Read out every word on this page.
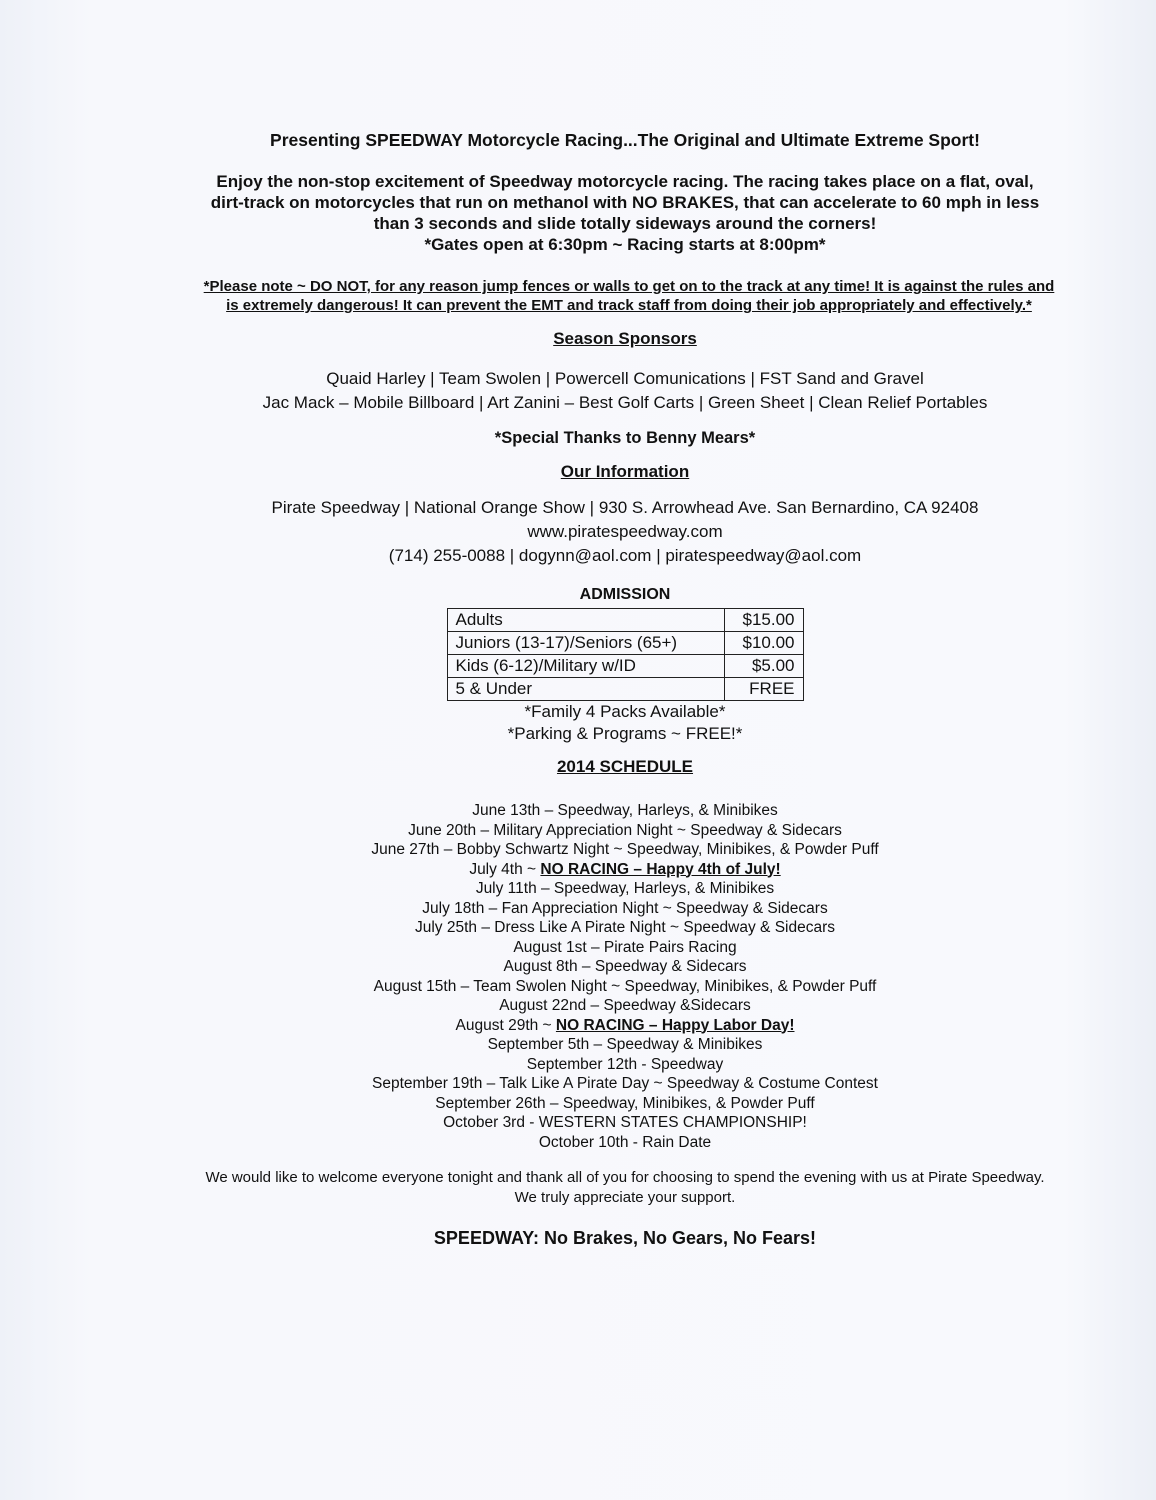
Presenting SPEEDWAY Motorcycle Racing...The Original and Ultimate Extreme Sport!

Enjoy the non-stop excitement of Speedway motorcycle racing. The racing takes place on a flat, oval,

dirt-track on motorcycles that run on methanol with NO BRAKES, that can accelerate to 60 mph in less

than 3 seconds and slide totally sideways around the corners!

*Gates open at 6:30pm ~ Racing starts at 8:00pm*

*Please note ~ DO NOT, for any reason jump fences or walls to get on to the track at any time! It is against the rules and
is extremely dangerous! It can prevent the EMT and track staff from doing their job appropriately and effectively.*
Season Sponsors

Quaid Harley | Team Swolen | Powercell Comunications | FST Sand and Gravel

Jac Mack – Mobile Billboard | Art Zanini – Best Golf Carts | Green Sheet | Clean Relief Portables

*Special Thanks to Benny Mears*

Our Information

Pirate Speedway | National Orange Show | 930 S. Arrowhead Ave. San Bernardino, CA 92408

www.piratespeedway.com

(714) 255-0088 | dogynn@aol.com | piratespeedway@aol.com

ADMISSION
Adults	$15.00
Juniors (13-17)/Seniors (65+)	$10.00
Kids (6-12)/Military w/ID	$5.00
5 & Under	FREE

*Family 4 Packs Available*

*Parking & Programs ~ FREE!*

2014 SCHEDULE

June 13th – Speedway, Harleys, & Minibikes

June 20th – Military Appreciation Night ~ Speedway & Sidecars

June 27th – Bobby Schwartz Night ~ Speedway, Minibikes, & Powder Puff

July 4th ~ NO RACING – Happy 4th of July!

July 11th – Speedway, Harleys, & Minibikes

July 18th – Fan Appreciation Night ~ Speedway & Sidecars

July 25th – Dress Like A Pirate Night ~ Speedway & Sidecars

August 1st – Pirate Pairs Racing

August 8th – Speedway & Sidecars

August 15th – Team Swolen Night ~ Speedway, Minibikes, & Powder Puff

August 22nd – Speedway &Sidecars

August 29th ~ NO RACING – Happy Labor Day!

September 5th – Speedway & Minibikes

September 12th - Speedway

September 19th – Talk Like A Pirate Day ~ Speedway & Costume Contest

September 26th – Speedway, Minibikes, & Powder Puff

October 3rd - WESTERN STATES CHAMPIONSHIP!

October 10th - Rain Date

We would like to welcome everyone tonight and thank all of you for choosing to spend the evening with us at Pirate Speedway.
We truly appreciate your support.

SPEEDWAY: No Brakes, No Gears, No Fears!
